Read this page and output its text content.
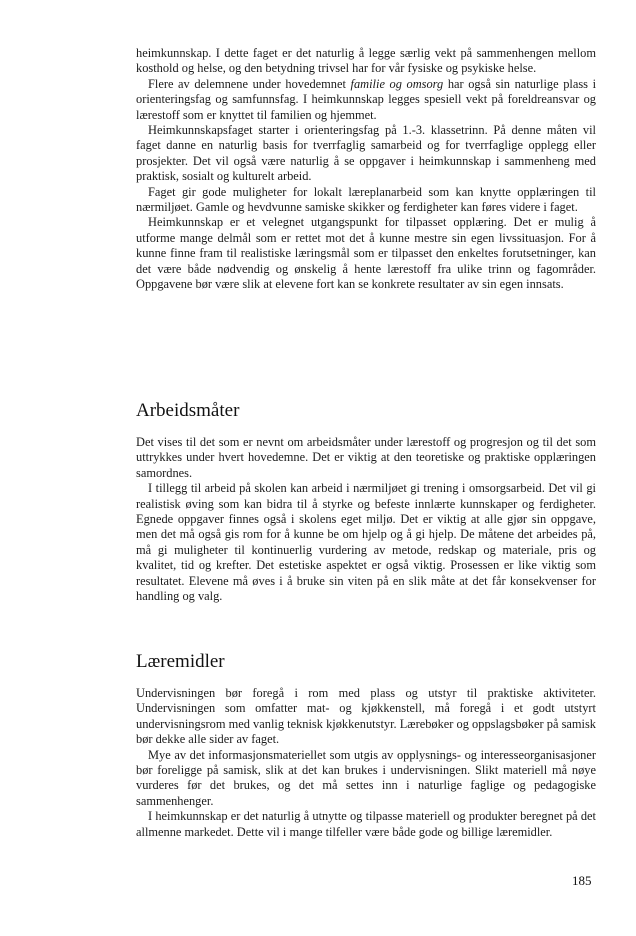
heimkunnskap. I dette faget er det naturlig å legge særlig vekt på sammenhengen mellom kosthold og helse, og den betydning trivsel har for vår fysiske og psykiske helse.

Flere av delemnene under hovedemnet familie og omsorg har også sin naturlige plass i orienteringsfag og samfunnsfag. I heimkunnskap legges spesiell vekt på foreldreansvar og lærestoff som er knyttet til familien og hjemmet.

Heimkunnskapsfaget starter i orienteringsfag på 1.-3. klassetrinn. På denne måten vil faget danne en naturlig basis for tverrfaglig samarbeid og for tverrfaglige opplegg eller prosjekter. Det vil også være naturlig å se oppgaver i heimkunnskap i sammenheng med praktisk, sosialt og kulturelt arbeid.

Faget gir gode muligheter for lokalt læreplanarbeid som kan knytte opplæringen til nærmiljøet. Gamle og hevdvunne samiske skikker og ferdigheter kan føres videre i faget.

Heimkunnskap er et velegnet utgangspunkt for tilpasset opplæring. Det er mulig å utforme mange delmål som er rettet mot det å kunne mestre sin egen livssituasjon. For å kunne finne fram til realistiske læringsmål som er tilpasset den enkeltes forutsetninger, kan det være både nødvendig og ønskelig å hente lærestoff fra ulike trinn og fagområder. Oppgavene bør være slik at elevene fort kan se konkrete resultater av sin egen innsats.

Arbeidsmåter

Det vises til det som er nevnt om arbeidsmåter under lærestoff og progresjon og til det som uttrykkes under hvert hovedemne. Det er viktig at den teoretiske og praktiske opplæringen samordnes.

I tillegg til arbeid på skolen kan arbeid i nærmiljøet gi trening i omsorgsarbeid. Det vil gi realistisk øving som kan bidra til å styrke og befeste innlærte kunnskaper og ferdigheter. Egnede oppgaver finnes også i skolens eget miljø. Det er viktig at alle gjør sin oppgave, men det må også gis rom for å kunne be om hjelp og å gi hjelp. De måtene det arbeides på, må gi muligheter til kontinuerlig vurdering av metode, redskap og materiale, pris og kvalitet, tid og krefter. Det estetiske aspektet er også viktig. Prosessen er like viktig som resultatet. Elevene må øves i å bruke sin viten på en slik måte at det får konsekvenser for handling og valg.

Læremidler

Undervisningen bør foregå i rom med plass og utstyr til praktiske aktiviteter. Undervisningen som omfatter mat- og kjøkkenstell, må foregå i et godt utstyrt undervisningsrom med vanlig teknisk kjøkkenutstyr. Lærebøker og oppslagsbøker på samisk bør dekke alle sider av faget.

Mye av det informasjonsmateriellet som utgis av opplysnings- og interesseorganisasjoner bør foreligge på samisk, slik at det kan brukes i undervisningen. Slikt materiell må nøye vurderes før det brukes, og det må settes inn i naturlige faglige og pedagogiske sammenhenger.

I heimkunnskap er det naturlig å utnytte og tilpasse materiell og produkter beregnet på det allmenne markedet. Dette vil i mange tilfeller være både gode og billige læremidler.

185
